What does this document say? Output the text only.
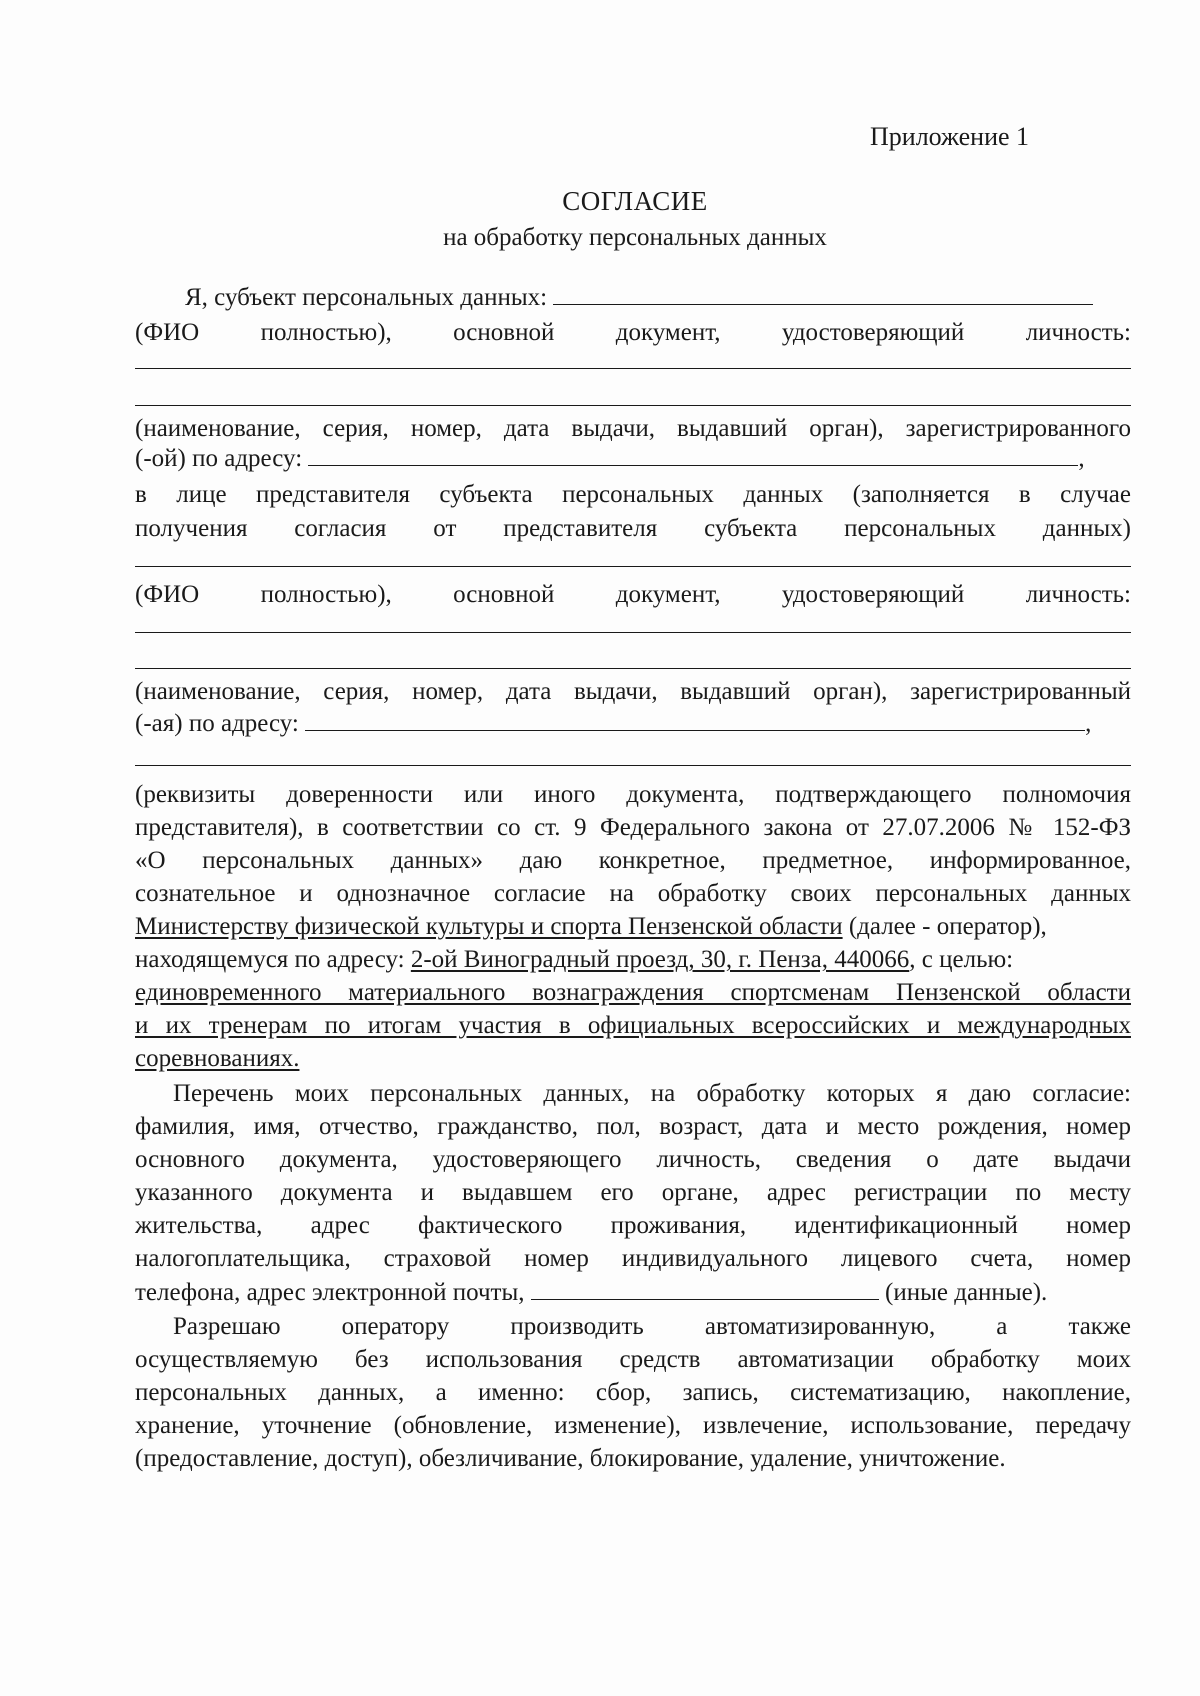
Приложение 1
СОГЛАСИЕ
на обработку персональных данных
Я, субъект персональных данных:
(ФИО полностью), основной документ, удостоверяющий личность:
(наименование, серия, номер, дата выдачи, выдавший орган), зарегистрированного
(-ой) по адресу:	,
в лице представителя субъекта персональных данных (заполняется в случае
получения согласия от представителя субъекта персональных данных)
(ФИО полностью), основной документ, удостоверяющий личность:
(наименование, серия, номер, дата выдачи, выдавший орган), зарегистрированный
(-ая) по адресу:	,
(реквизиты доверенности или иного документа, подтверждающего полномочия
представителя), в соответствии со ст. 9 Федерального закона от 27.07.2006 № 152-ФЗ
«О персональных данных» даю конкретное, предметное, информированное,
сознательное и однозначное согласие на обработку своих персональных данных
Министерству физической культуры и спорта Пензенской области (далее - оператор),
находящемуся по адресу: 2-ой Виноградный проезд, 30, г. Пенза, 440066, с целью:
единовременного материального вознаграждения спортсменам Пензенской области
и их тренерам по итогам участия в официальных всероссийских и международных
соревнованиях.
Перечень моих персональных данных, на обработку которых я даю согласие:
фамилия, имя, отчество, гражданство, пол, возраст, дата и место рождения, номер
основного документа, удостоверяющего личность, сведения о дате выдачи
указанного документа и выдавшем его органе, адрес регистрации по месту
жительства, адрес фактического проживания, идентификационный номер
налогоплательщика, страховой номер индивидуального лицевого счета, номер
телефона, адрес электронной почты,	(иные данные).
Разрешаю оператору производить автоматизированную, а также
осуществляемую без использования средств автоматизации обработку моих
персональных данных, а именно: сбор, запись, систематизацию, накопление,
хранение, уточнение (обновление, изменение), извлечение, использование, передачу
(предоставление, доступ), обезличивание, блокирование, удаление, уничтожение.
